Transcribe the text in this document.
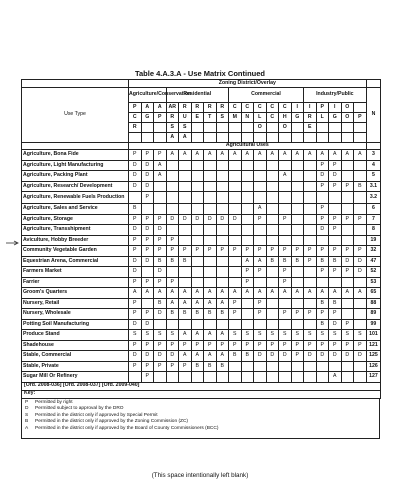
Table 4.A.3.A - Use Matrix Continued
	Zoning District/Overlay																			
Use Type	Agriculture/Conservation			Residential					Commercial						Industry/Public					N
	P	A	A	AR	R	R	R	R	C	C	C	C	C	I	I	P	I	O		
	C	G	P	R	U	E	T	S	M	N	L	C	H	G	R	L	G	O	P	
	R			S	S						O		O		E					
				A	A															
	Agricultural Uses																			
Agriculture, Bona Fide	P	P	P	A	A	A	A	A	A	A	A	A	A	A	A	A	A	A	A	3
Agriculture, Light Manufacturing	D	D	A													P	P			4
Agriculture, Packing Plant	D	D	A										A			D	D			5
Agriculture, Research/ Development	D	D														P	P	P	B	3.1
Agriculture, Renewable Fuels Production		P																		3.2
Agriculture, Sales and Service	B										A					P				6
Agriculture, Storage	P	P	P	D	D	D	D	D	D		P		P			P	P	P	P	7
Agriculture, Transshipment	D	D	D													D	P			8
Aviculture, Hobby Breeder	P	P	P	P																19
Community Vegetable Garden	P	P	P	P	P	P	P	P	P	P	P	P	P	P	P	P	P	P	P	32
Equestrian Arena, Commercial	D	D	B	B	B					A	A	B	B	B	P	B	B	D	D	47
Farmers Market	D		D							P	P		P			P	P	P	D	52
Farrier	P	P	P	P						P			P							53
Groom's Quarters	A	A	A	A	A	A	A	A	A	A	A	A	A	A	A	A	A	A	A	65
Nursery, Retail	P		B	A	A	A	A	A	P		P					B	B			88
Nursery, Wholesale	P	P	D	B	B	B	B	B	P		P		P	P	P	P	P			89
Potting Soil Manufacturing	D	D														B	D	P		99
Produce Stand	S	S	S	S	A	A	A	A	S	S	S	S	S	S	S	S	S	S	S	101
Shadehouse	P	P	P	P	P	P	P	P	P	P	P	P	P	P	P	P	P	P	P	121
Stable, Commercial	D	D	D	D	A	A	A	A	B	B	D	D	D	P	D	D	D	D	D	125
Stable, Private	P	P	P	P	P	B	B	B												126
Sugar Mill Or Refinery		P															A			127
[Ord. 2008-036] [Ord. 2008-037] [Ord. 2009-040]																				
Key:																				
P	Permitted by right
D	Permitted subject to approval by the DRO
S	Permitted in the district only if approved by Special Permit
B	Permitted in the district only if approved by the Zoning Commission (ZC)
A	Permitted in the district only if approved by the Board of County Commissioners (BCC)
(This space intentionally left blank)
